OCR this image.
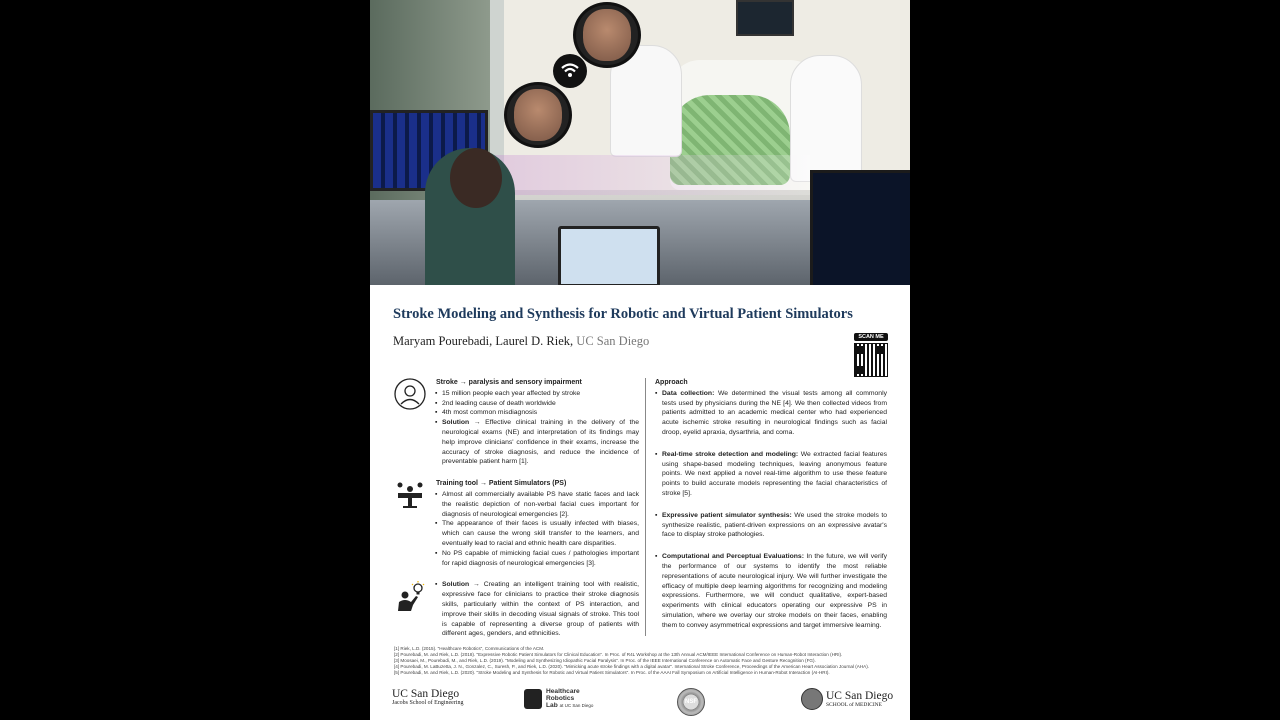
Stroke Modeling and Synthesis for Robotic and Virtual Patient Simulators
Maryam Pourebadi, Laurel D. Riek, UC San Diego	SCAN ME
Stroke → paralysis and sensory impairment
▪ 15 million people each year affected by stroke
▪ 2nd leading cause of death worldwide
▪ 4th most common misdiagnosis
▪ Solution → Effective clinical training in the delivery of the neurological exams (NE) and interpretation of its findings may help improve clinicians' confidence in their exams, increase the accuracy of stroke diagnosis, and reduce the incidence of preventable patient harm [1].
Training tool → Patient Simulators (PS)
▪ Almost all commercially available PS have static faces and lack the realistic depiction of non-verbal facial cues important for diagnosis of neurological emergencies [2].
▪ The appearance of their faces is usually infected with biases, which can cause the wrong skill transfer to the learners, and eventually lead to racial and ethnic health care disparities.
▪ No PS capable of mimicking facial cues / pathologies important for rapid diagnosis of neurological emergencies [3].
▪ Solution → Creating an intelligent training tool with realistic, expressive face for clinicians to practice their stroke diagnosis skills, particularly within the context of PS interaction, and improve their skills in decoding visual signals of stroke. This tool is capable of representing a diverse group of patients with different ages, genders, and ethnicities.
Approach
▪ Data collection: We determined the visual tests among all commonly tests used by physicians during the NE [4]. We then collected videos from patients admitted to an academic medical center who had experienced acute ischemic stroke resulting in neurological findings such as facial droop, eyelid apraxia, dysarthria, and coma.
▪ Real-time stroke detection and modeling: We extracted facial features using shape-based modeling techniques, leaving anonymous feature points. We next applied a novel real-time algorithm to use these feature points to build accurate models representing the facial characteristics of stroke [5].
▪ Expressive patient simulator synthesis: We used the stroke models to synthesize realistic, patient-driven expressions on an expressive avatar's face to display stroke pathologies.
▪ Computational and Perceptual Evaluations: In the future, we will verify the performance of our systems to identify the most reliable representations of acute neurological injury. We will further investigate the efficacy of multiple deep learning algorithms for recognizing and modeling expressions. Furthermore, we will conduct qualitative, expert-based experiments with clinical educators operating our expressive PS in simulation, where we overlay our stroke models on their faces, enabling them to convey asymmetrical expressions and target immersive learning.
[1] Riek, L.D. (2015). "Healthcare Robotics", Communications of the ACM.
[2] Pourebadi, M. and Riek, L.D. (2018). "Expressive Robotic Patient Simulators for Clinical Education". In Proc. of R4L Workshop at the 13th Annual ACM/IEEE International Conference on Human-Robot Interaction (HRI).
[3] Moosaei, M., Pourebadi, M., and Riek, L.D. (2019). "Modeling and Synthesizing Idiopathic Facial Paralysis". In Proc. of the IEEE International Conference on Automatic Face and Gesture Recognition (FG).
[4] Pourebadi, M. LaBuzetta, J. N., Gonzalez, C., Suresh, P., and Riek, L.D. (2020). "Mimicking acute stroke findings with a digital avatar". International Stroke Conference, Proceedings of the American Heart Association Journal (AHA).
[5] Pourebadi, M. and Riek, L.D. (2020). "Stroke Modeling and Synthesis for Robotic and Virtual Patient Simulators". In Proc. of the AAAI Fall Symposium on Artificial Intelligence in Human-Robot Interaction (AI-HRI).
UC San Diego
Jacobs School of Engineering
Healthcare
Robotics
Lab at UC San Diego
NSF	UC San Diego
SCHOOL of MEDICINE
